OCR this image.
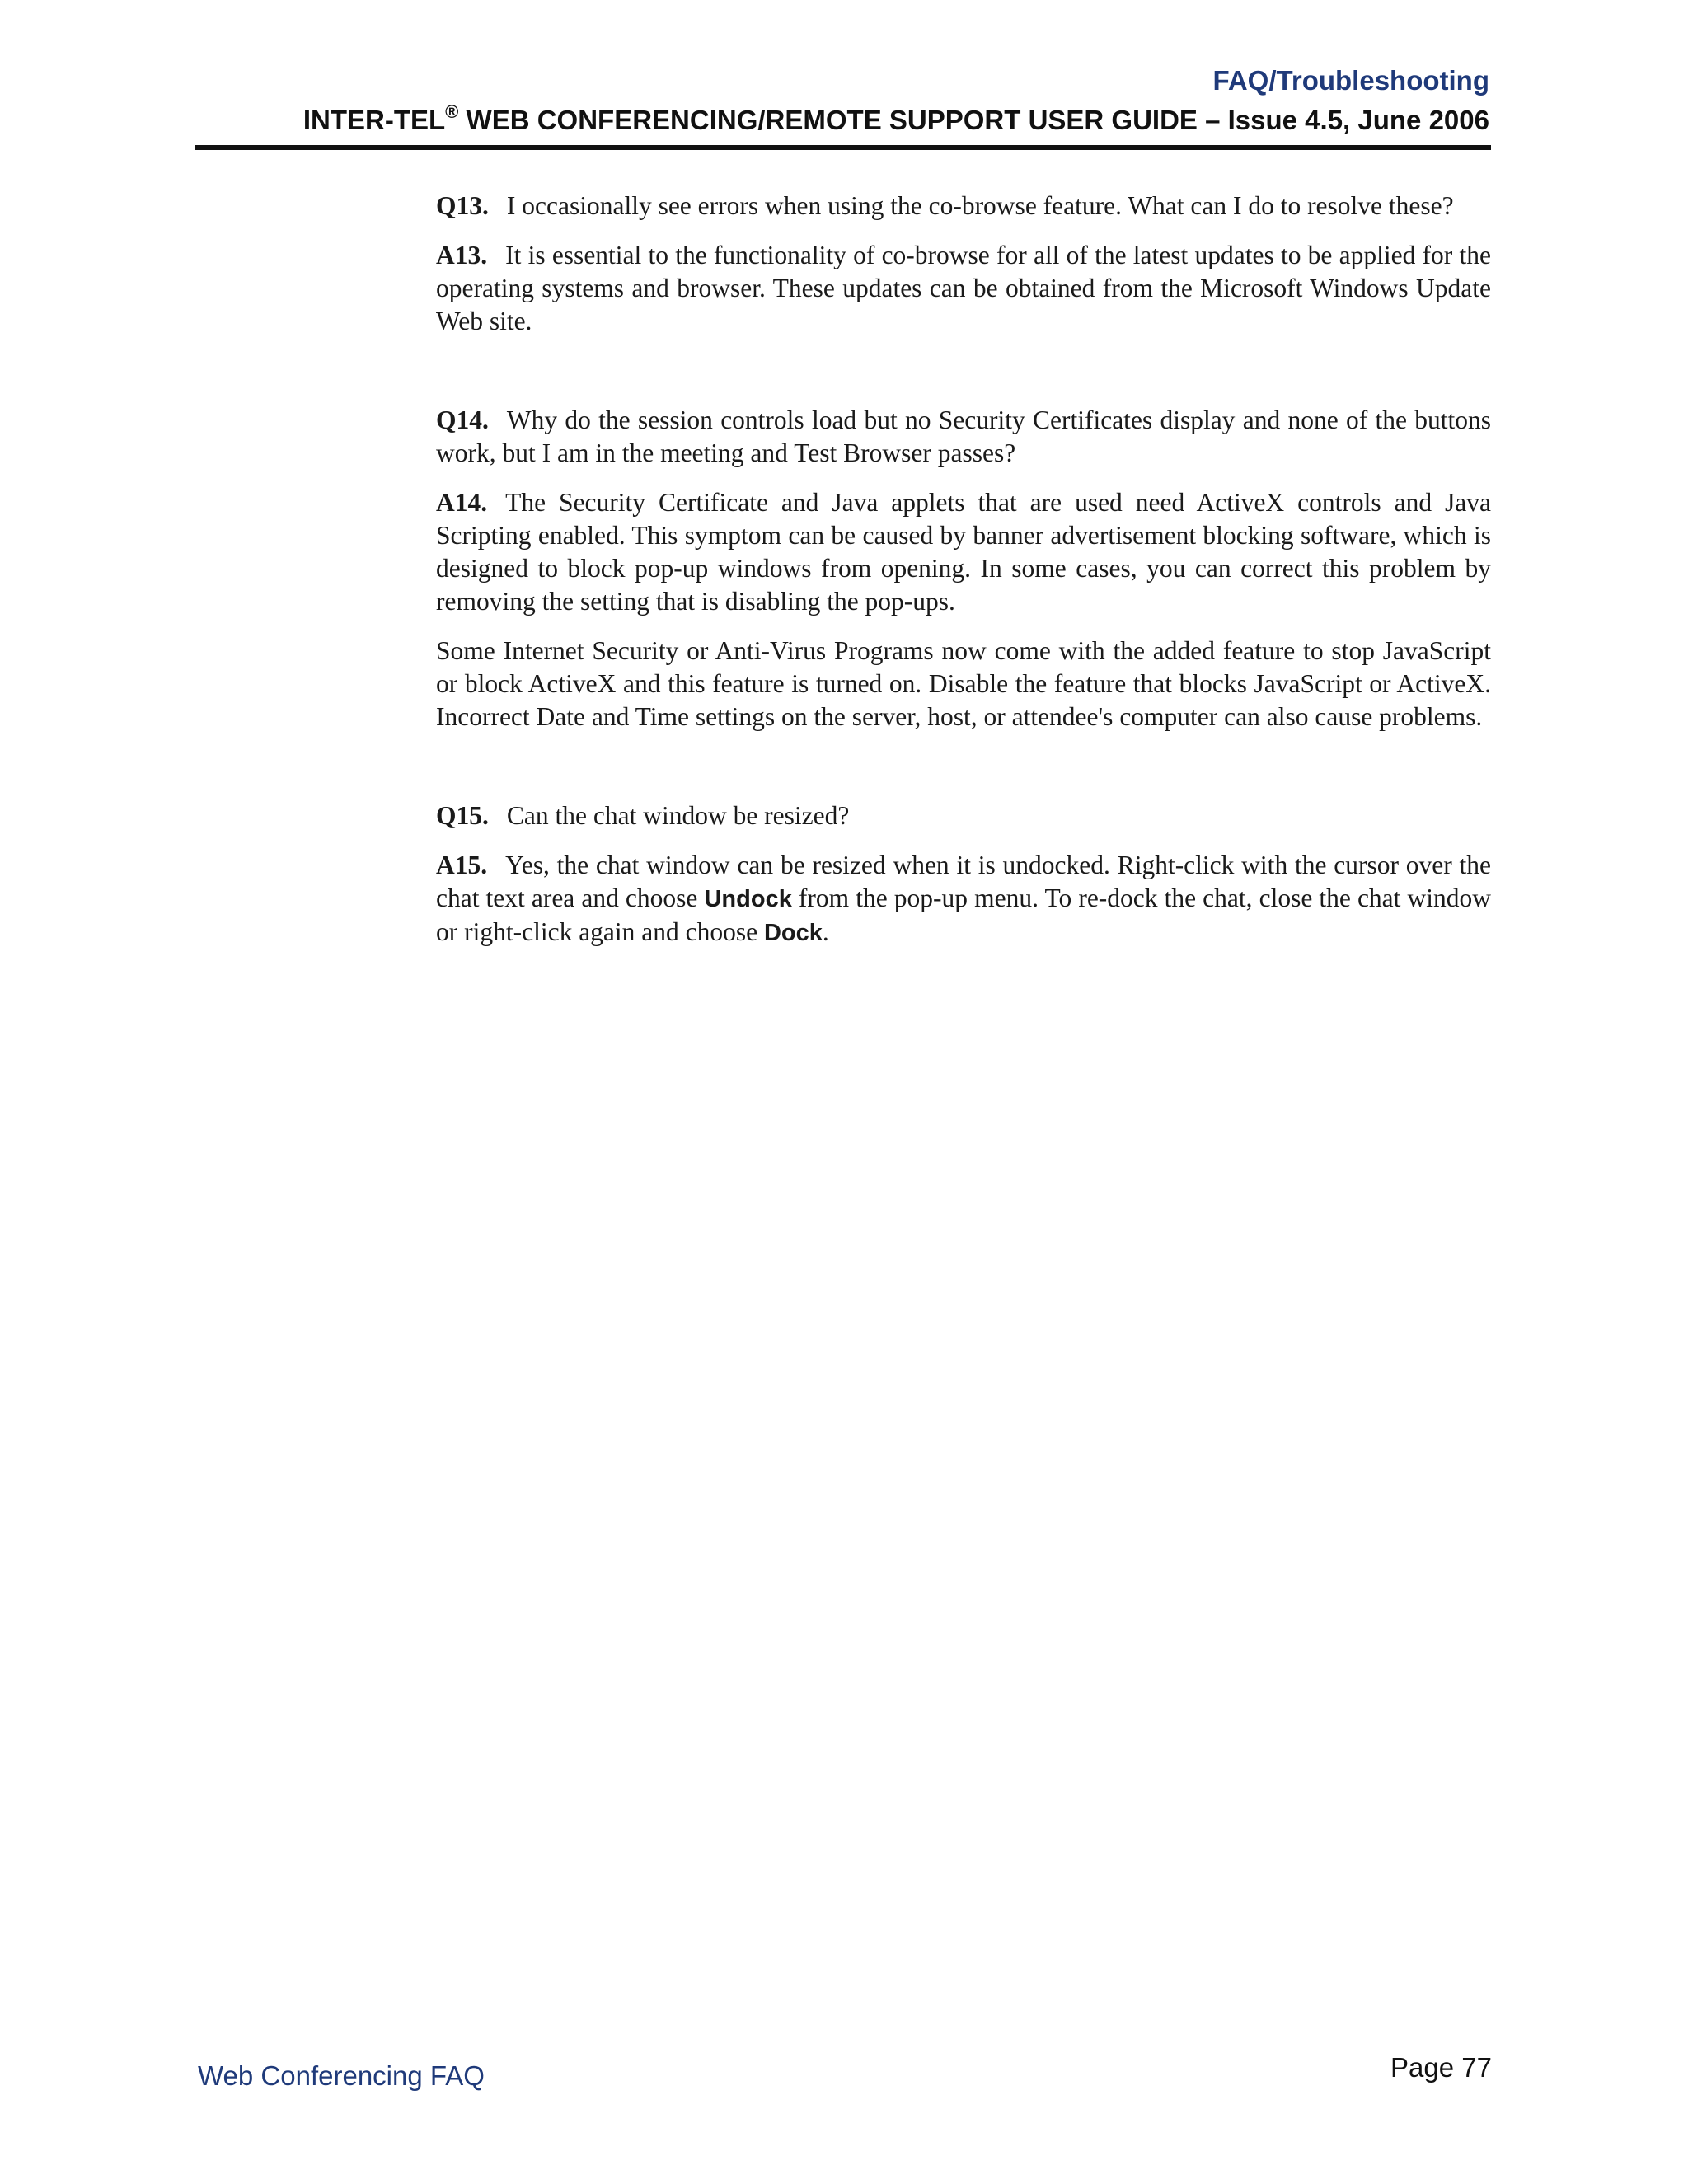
FAQ/Troubleshooting
INTER-TEL® WEB CONFERENCING/REMOTE SUPPORT USER GUIDE – Issue 4.5, June 2006

Q13. I occasionally see errors when using the co-browse feature. What can I do to resolve these?

A13. It is essential to the functionality of co-browse for all of the latest updates to be applied for the operating systems and browser. These updates can be obtained from the Microsoft Windows Update Web site.

Q14. Why do the session controls load but no Security Certificates display and none of the buttons work, but I am in the meeting and Test Browser passes?

A14. The Security Certificate and Java applets that are used need ActiveX controls and Java Scripting enabled. This symptom can be caused by banner advertisement blocking software, which is designed to block pop-up windows from opening. In some cases, you can correct this problem by removing the setting that is disabling the pop-ups.

Some Internet Security or Anti-Virus Programs now come with the added feature to stop JavaScript or block ActiveX and this feature is turned on. Disable the feature that blocks JavaScript or ActiveX. Incorrect Date and Time settings on the server, host, or attendee's computer can also cause problems.

Q15. Can the chat window be resized?

A15. Yes, the chat window can be resized when it is undocked. Right-click with the cursor over the chat text area and choose Undock from the pop-up menu. To re-dock the chat, close the chat window or right-click again and choose Dock.

Web Conferencing FAQ	Page 77
